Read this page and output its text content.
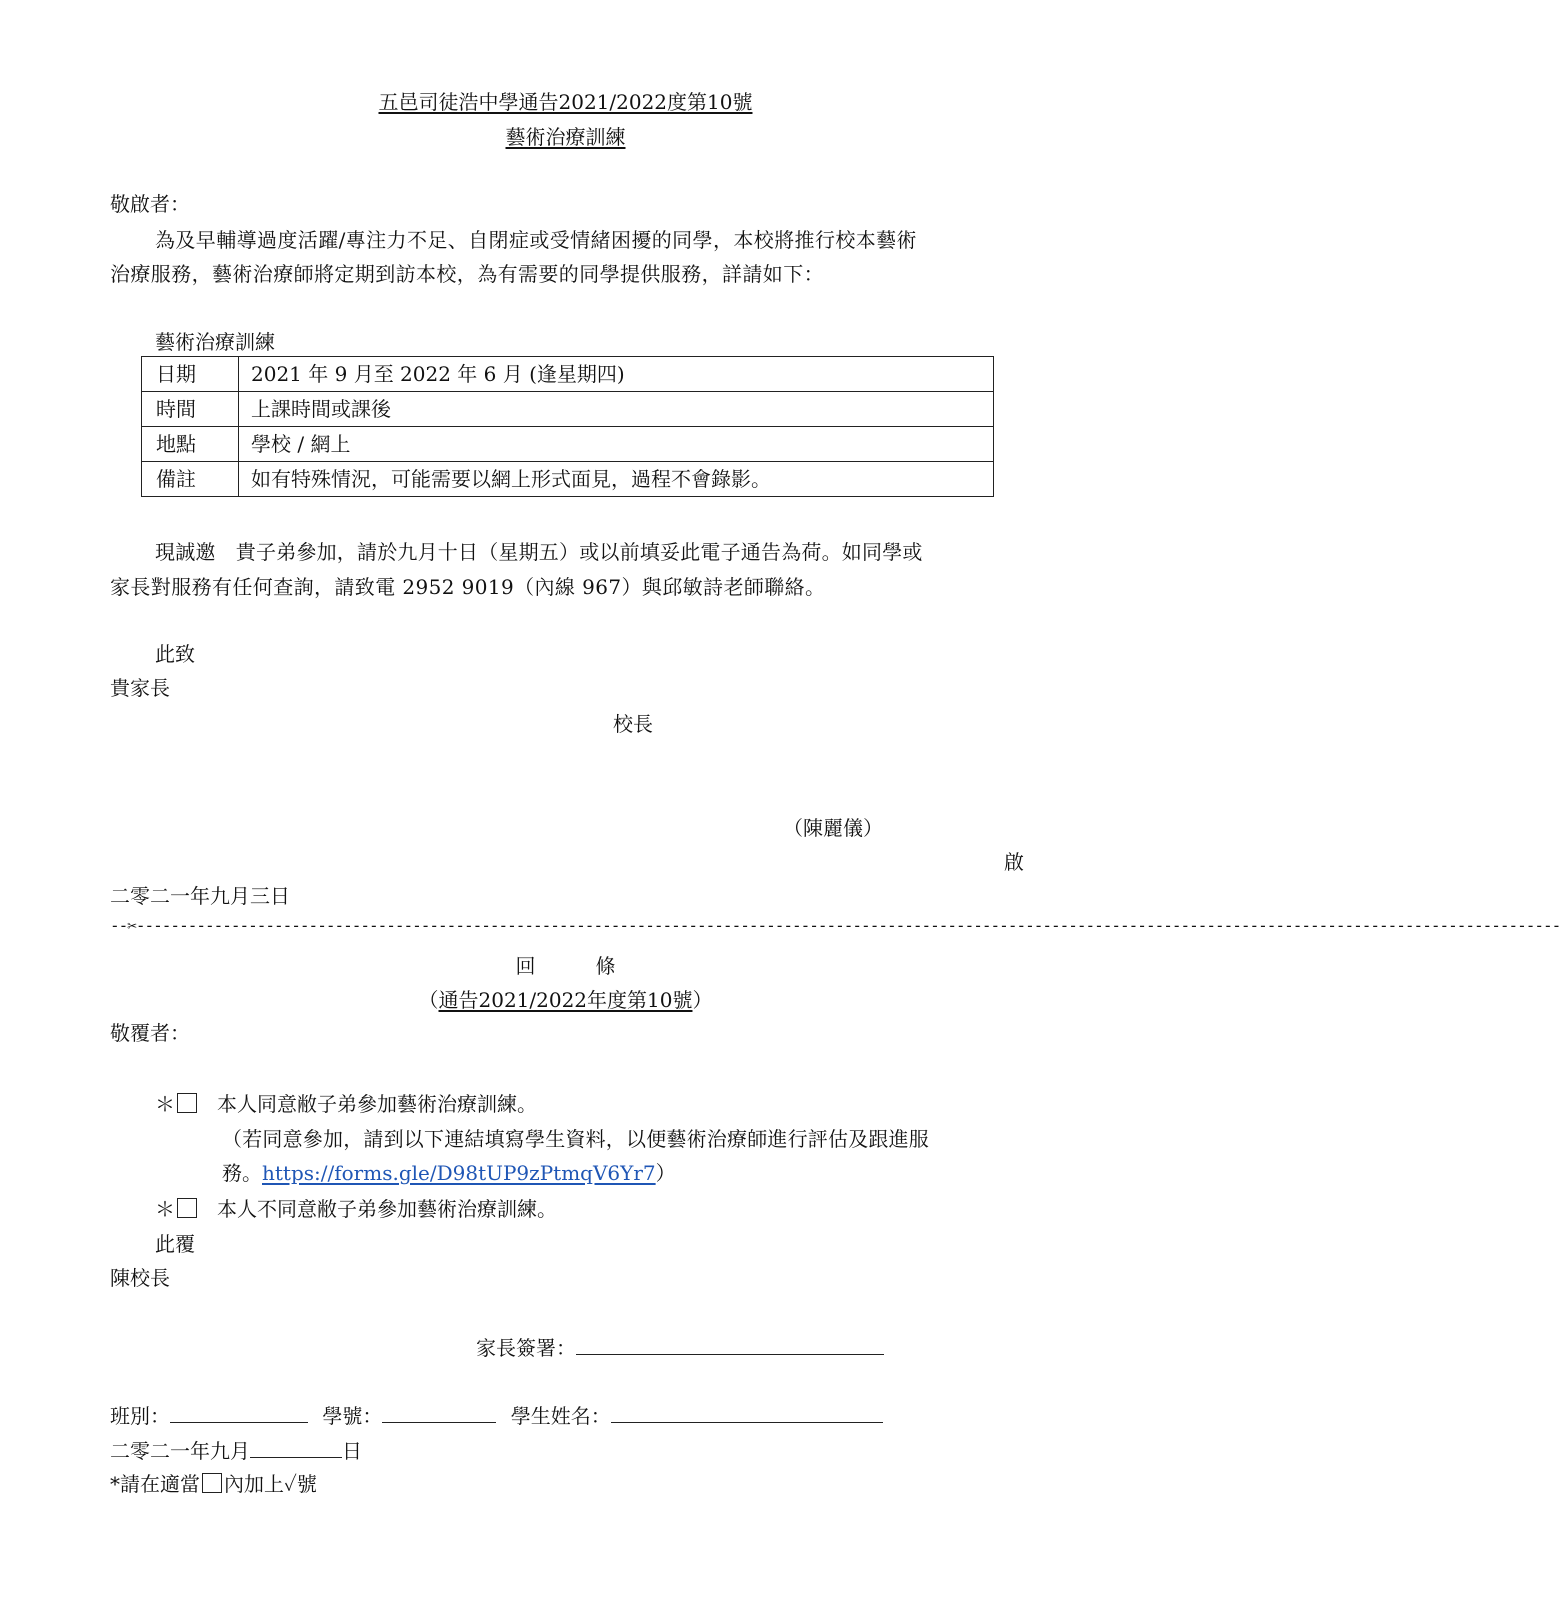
五邑司徒浩中學通告2021/2022度第10號
藝術治療訓練
敬啟者：
為及早輔導過度活躍/專注力不足、自閉症或受情緒困擾的同學，本校將推行校本藝術
治療服務，藝術治療師將定期到訪本校，為有需要的同學提供服務，詳請如下：
藝術治療訓練
日期	2021 年 9 月至 2022 年 6 月 (逢星期四)
時間	上課時間或課後
地點	學校 / 網上
備註	如有特殊情況，可能需要以網上形式面見，過程不會錄影。
現誠邀　貴子弟參加，請於九月十日（星期五）或以前填妥此電子通告為荷。如同學或
家長對服務有任何查詢，請致電 2952 9019（內線 967）與邱敏詩老師聯絡。
此致
貴家長
校長
（陳麗儀）
啟
二零二一年九月三日
--✂---------------------------------------------------------------------------------------------------------------------------------------------------------------------
回　　　條
（通告2021/2022年度第10號）
敬覆者：
＊ 本人同意敝子弟參加藝術治療訓練。
（若同意參加，請到以下連結填寫學生資料，以便藝術治療師進行評估及跟進服
務。https://forms.gle/D98tUP9zPtmqV6Yr7）
＊ 本人不同意敝子弟參加藝術治療訓練。
此覆
陳校長
家長簽署：
班別：	學號：	學生姓名：
二零二一年九月	日
*請在適當 內加上✓號
